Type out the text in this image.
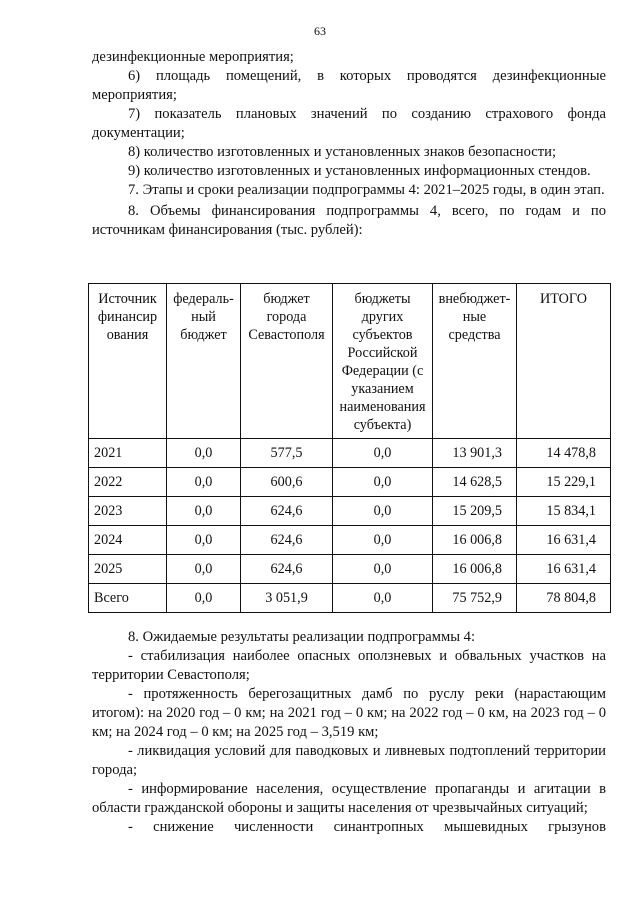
63

дезинфекционные мероприятия;

6) площадь помещений, в которых проводятся дезинфекционные мероприятия;

7) показатель плановых значений по созданию страхового фонда документации;

8) количество изготовленных и установленных знаков безопасности;

9) количество изготовленных и установленных информационных стендов.

7. Этапы и сроки реализации подпрограммы 4: 2021–2025 годы, в один этап.

8. Объемы финансирования подпрограммы 4, всего, по годам и по источникам финансирования (тыс. рублей):

Источник финансир ования	федераль-ный бюджет	бюджет города Севастополя	бюджеты других субъектов Российской Федерации (с указанием наименования субъекта)	внебюджет-ные средства	ИТОГО
2021	0,0	577,5	0,0	13 901,3	14 478,8
2022	0,0	600,6	0,0	14 628,5	15 229,1
2023	0,0	624,6	0,0	15 209,5	15 834,1
2024	0,0	624,6	0,0	16 006,8	16 631,4
2025	0,0	624,6	0,0	16 006,8	16 631,4
Всего	0,0	3 051,9	0,0	75 752,9	78 804,8

8. Ожидаемые результаты реализации подпрограммы 4:

- стабилизация наиболее опасных оползневых и обвальных участков на территории Севастополя;

- протяженность берегозащитных дамб по руслу реки (нарастающим итогом): на 2020 год – 0 км; на 2021 год – 0 км; на 2022 год – 0 км, на 2023 год – 0 км; на 2024 год – 0 км; на 2025 год – 3,519 км;

- ликвидация условий для паводковых и ливневых подтоплений территории города;

- информирование населения, осуществление пропаганды и агитации в области гражданской обороны и защиты населения от чрезвычайных ситуаций;

- снижение численности синантропных мышевидных грызунов
